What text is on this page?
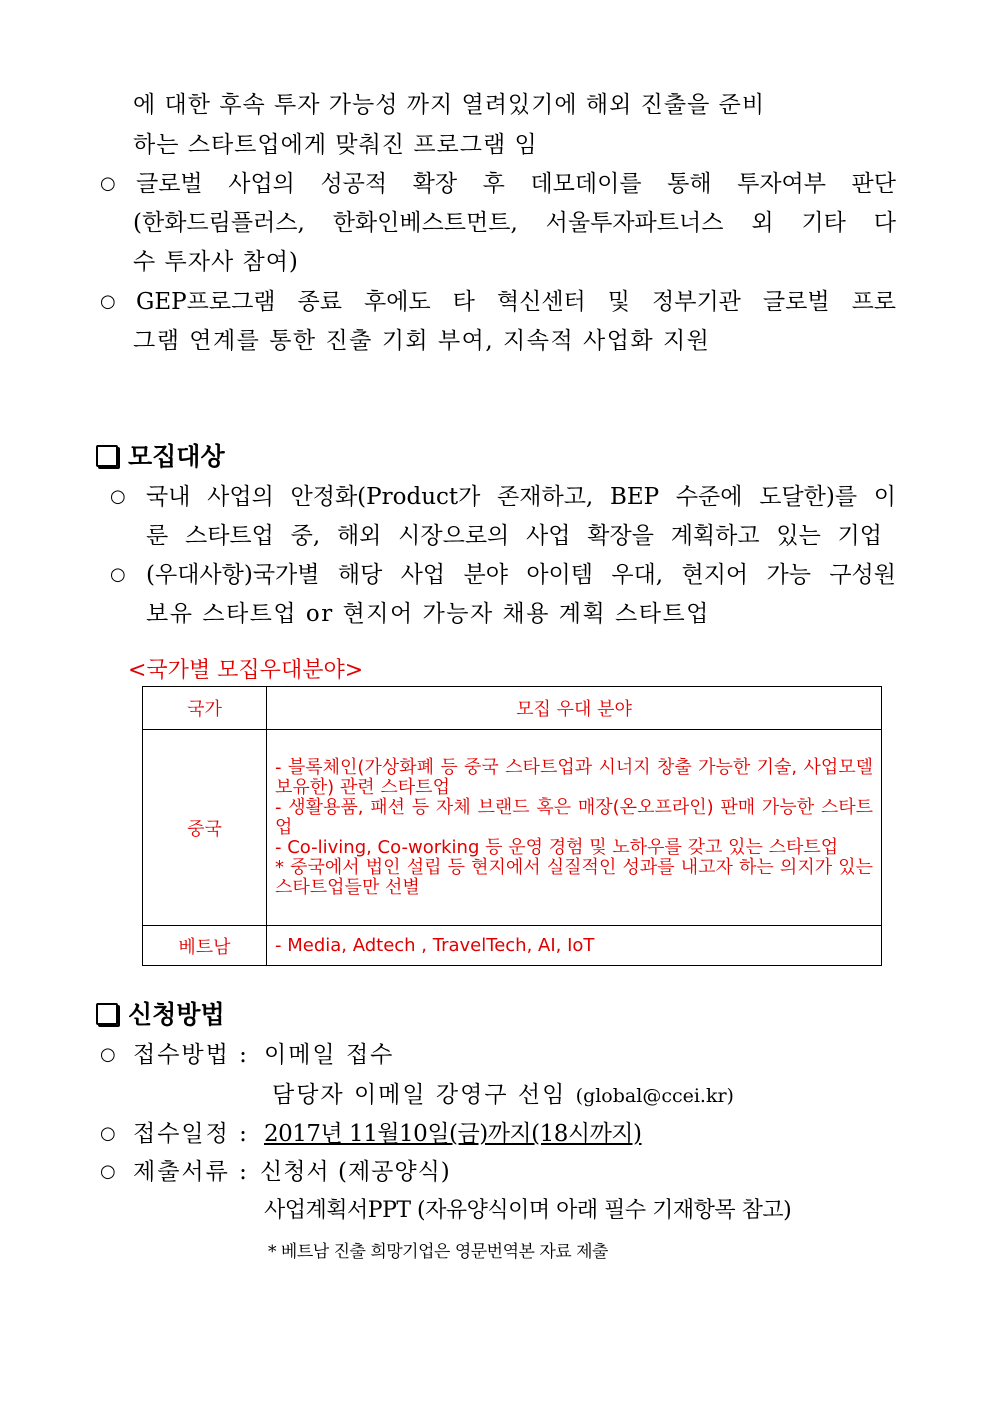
에 대한 후속 투자 가능성 까지 열려있기에 해외 진출을 준비
하는 스타트업에게 맞춰진 프로그램 임
○ 글로벌 사업의 성공적 확장 후 데모데이를 통해 투자여부 판단
(한화드림플러스, 한화인베스트먼트, 서울투자파트너스 외 기타 다
수 투자사 참여)
○ GEP프로그램 종료 후에도 타 혁신센터 및 정부기관 글로벌 프로
그램 연계를 통한 진출 기회 부여, 지속적 사업화 지원
모집대상
○ 국내 사업의 안정화(Product가 존재하고, BEP 수준에 도달한)를 이
룬 스타트업 중, 해외 시장으로의 사업 확장을 계획하고 있는 기업
○ (우대사항)국가별 해당 사업 분야 아이템 우대, 현지어 가능 구성원
보유 스타트업 or 현지어 가능자 채용 계획 스타트업
<국가별 모집우대분야>
국가	모집 우대 분야
중국	- 블록체인(가상화폐 등 중국 스타트업과 시너지 창출 가능한 기술, 사업모델 보유한) 관련 스타트업
- 생활용품, 패션 등 자체 브랜드 혹은 매장(온오프라인) 판매 가능한 스타트업
- Co-living, Co-working 등 운영 경험 및 노하우를 갖고 있는 스타트업
* 중국에서 법인 설립 등 현지에서 실질적인 성과를 내고자 하는 의지가 있는 스타트업들만 선별

베트남	- Media, Adtech , TravelTech, AI, IoT
신청방법
○ 접수방법 : 이메일 접수
담당자 이메일 강영구 선임 (global@ccei.kr)
○ 접수일정 : 2017년 11월10일(금)까지(18시까지)
○ 제출서류 : 신청서 (제공양식)
사업계획서PPT (자유양식이며 아래 필수 기재항목 참고)
* 베트남 진출 희망기업은 영문번역본 자료 제출
